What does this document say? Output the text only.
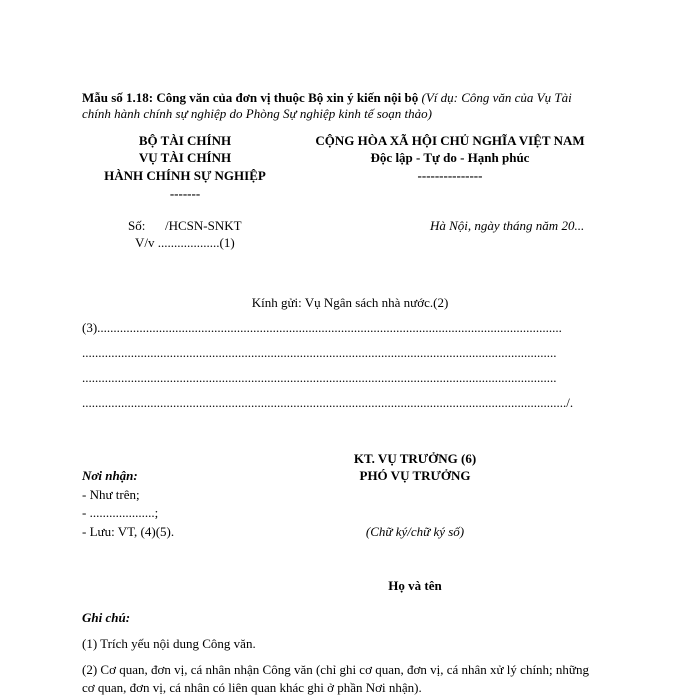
Mẫu số 1.18: Công văn của đơn vị thuộc Bộ xin ý kiến nội bộ (Ví dụ: Công văn của Vụ Tài
chính hành chính sự nghiệp do Phòng Sự nghiệp kinh tế soạn thảo)
BỘ TÀI CHÍNH
VỤ TÀI CHÍNH
HÀNH CHÍNH SỰ NGHIỆP
-------
CỘNG HÒA XÃ HỘI CHỦ NGHĨA VIỆT NAM
Độc lập - Tự do - Hạnh phúc
---------------
Số: /HCSN-SNKT
V/v ...................(1)
Hà Nội, ngày tháng năm 20...
Kính gửi: Vụ Ngân sách nhà nước.(2)
(3)...............................................................................................................................................
..................................................................................................................................................
..................................................................................................................................................
...................................................................................................................................................../.
KT. VỤ TRƯỞNG (6)
PHÓ VỤ TRƯỞNG
(Chữ ký/chữ ký số)
Họ và tên
Nơi nhận:
- Như trên;
- ....................;
- Lưu: VT, (4)(5).
Ghi chú:
(1) Trích yếu nội dung Công văn.
(2) Cơ quan, đơn vị, cá nhân nhận Công văn (chỉ ghi cơ quan, đơn vị, cá nhân xử lý chính; những
cơ quan, đơn vị, cá nhân có liên quan khác ghi ở phần Nơi nhận).
